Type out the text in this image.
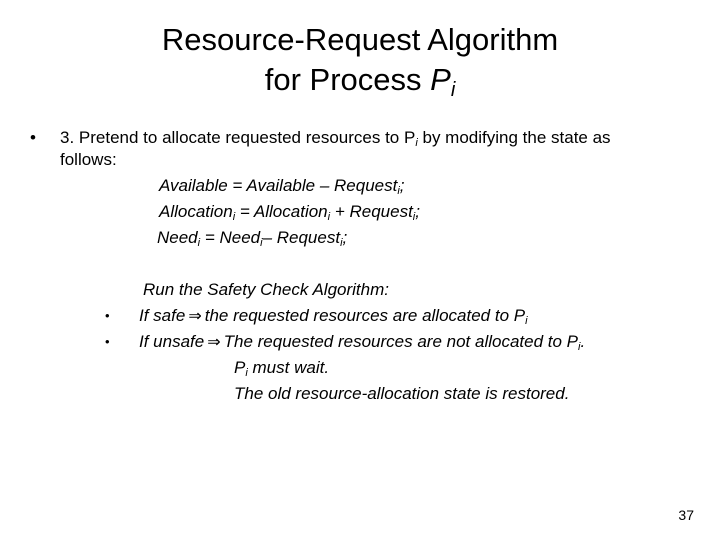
Resource-Request Algorithm
for Process $P_i$
• 3. Pretend to allocate requested resources to $P_i$ by modifying the state as
follows:
Available = Available – Request$_i$;
Allocation$_i$ = Allocation$_i$ + Request$_i$;
Need$_i$ = Need$_i$– Request$_i$;
Run the Safety Check Algorithm:
• If safe ⇒ the requested resources are allocated to $P_i$
• If unsafe ⇒ The requested resources are not allocated to $P_i$.
$P_i$ must wait.
The old resource-allocation state is restored.
37
